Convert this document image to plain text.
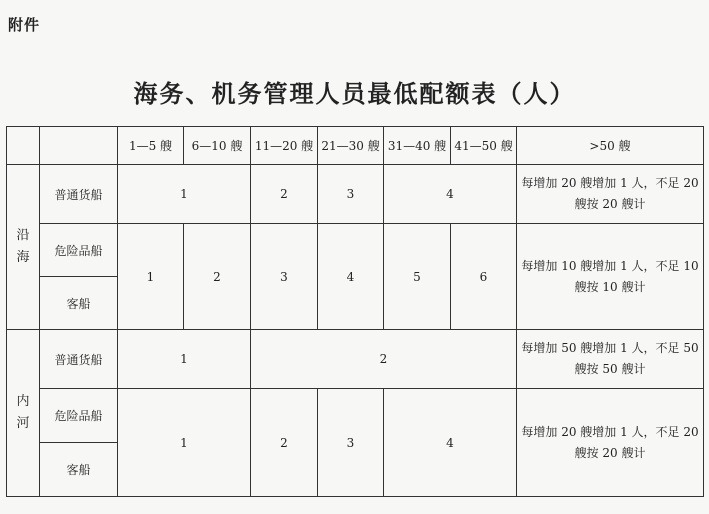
附件
海务、机务管理人员最低配额表（人）
		1—5 艘	6—10 艘	11—20 艘	21—30 艘	31—40 艘	41—50 艘	>50 艘

沿
海	普通货船	1		2	3	4		每增加 20 艘增加 1 人，不足 20 艘按 20 艘计
	危险品船	1	2	3	4	5	6	每增加 10 艘增加 1 人，不足 10 艘按 10 艘计
	客船							

内
河	普通货船	1		2				每增加 50 艘增加 1 人，不足 50 艘按 50 艘计
	危险品船	1		2	3	4		每增加 20 艘增加 1 人，不足 20 艘按 20 艘计
	客船							
